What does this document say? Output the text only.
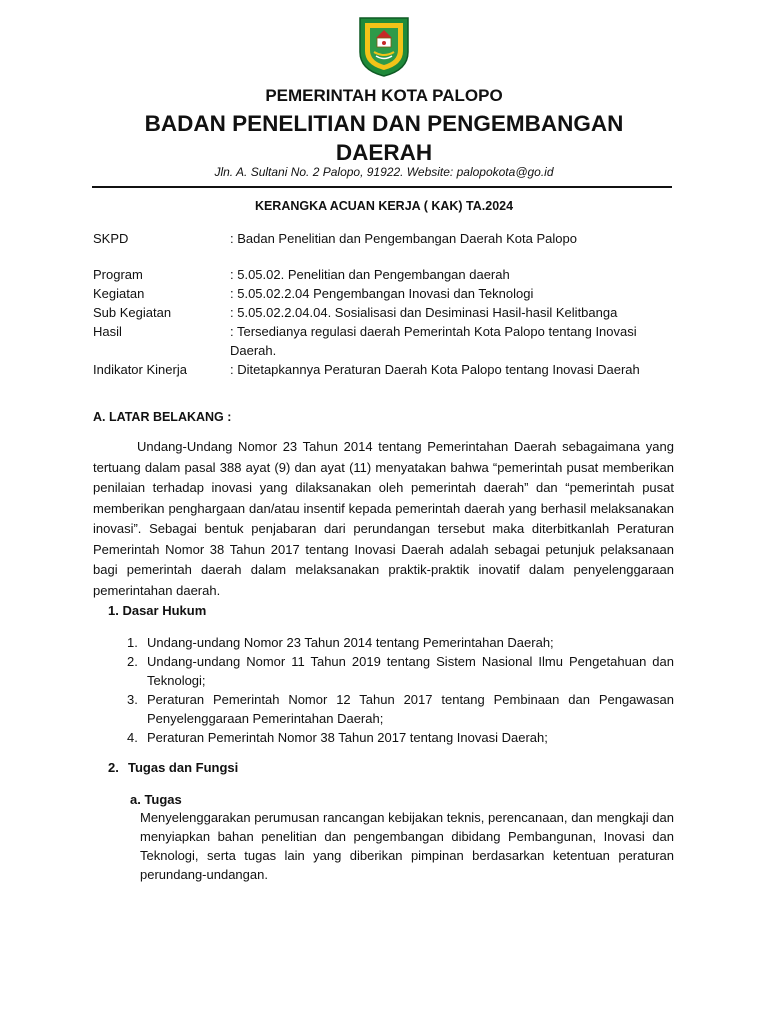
PEMERINTAH KOTA PALOPO
BADAN PENELITIAN DAN PENGEMBANGAN
DAERAH
Jln. A. Sultani No. 2 Palopo, 91922. Website: palopokota@go.id
KERANGKA ACUAN KERJA ( KAK) TA.2024
SKPD	: Badan Penelitian dan Pengembangan Daerah Kota Palopo
Program	: 5.05.02. Penelitian dan Pengembangan daerah
Kegiatan	: 5.05.02.2.04 Pengembangan Inovasi dan Teknologi
Sub Kegiatan	: 5.05.02.2.04.04. Sosialisasi dan Desiminasi Hasil-hasil Kelitbanga
Hasil	: Tersedianya regulasi daerah Pemerintah Kota Palopo tentang Inovasi Daerah.
Indikator Kinerja	: Ditetapkannya Peraturan Daerah Kota Palopo tentang Inovasi Daerah
A. LATAR BELAKANG :
Undang-Undang Nomor 23 Tahun 2014 tentang Pemerintahan Daerah sebagaimana yang tertuang dalam pasal 388 ayat (9) dan ayat (11) menyatakan bahwa “pemerintah pusat memberikan penilaian terhadap inovasi yang dilaksanakan oleh pemerintah daerah” dan “pemerintah pusat memberikan penghargaan dan/atau insentif kepada pemerintah daerah yang berhasil melaksanakan inovasi”. Sebagai bentuk penjabaran dari perundangan tersebut maka diterbitkanlah Peraturan Pemerintah Nomor 38 Tahun 2017 tentang Inovasi Daerah adalah sebagai petunjuk pelaksanaan bagi pemerintah daerah dalam melaksanakan praktik-praktik inovatif dalam penyelenggaraan pemerintahan daerah.
1. Dasar Hukum
1. Undang-undang Nomor 23 Tahun 2014 tentang Pemerintahan Daerah;
2. Undang-undang Nomor 11 Tahun 2019 tentang Sistem Nasional Ilmu Pengetahuan dan Teknologi;
3. Peraturan Pemerintah Nomor 12 Tahun 2017 tentang Pembinaan dan Pengawasan Penyelenggaraan Pemerintahan Daerah;
4. Peraturan Pemerintah Nomor 38 Tahun 2017 tentang Inovasi Daerah;
2. Tugas dan Fungsi
a. Tugas
Menyelenggarakan perumusan rancangan kebijakan teknis, perencanaan, dan mengkaji dan menyiapkan bahan penelitian dan pengembangan dibidang Pembangunan, Inovasi dan Teknologi, serta tugas lain yang diberikan pimpinan berdasarkan ketentuan peraturan perundang-undangan.
